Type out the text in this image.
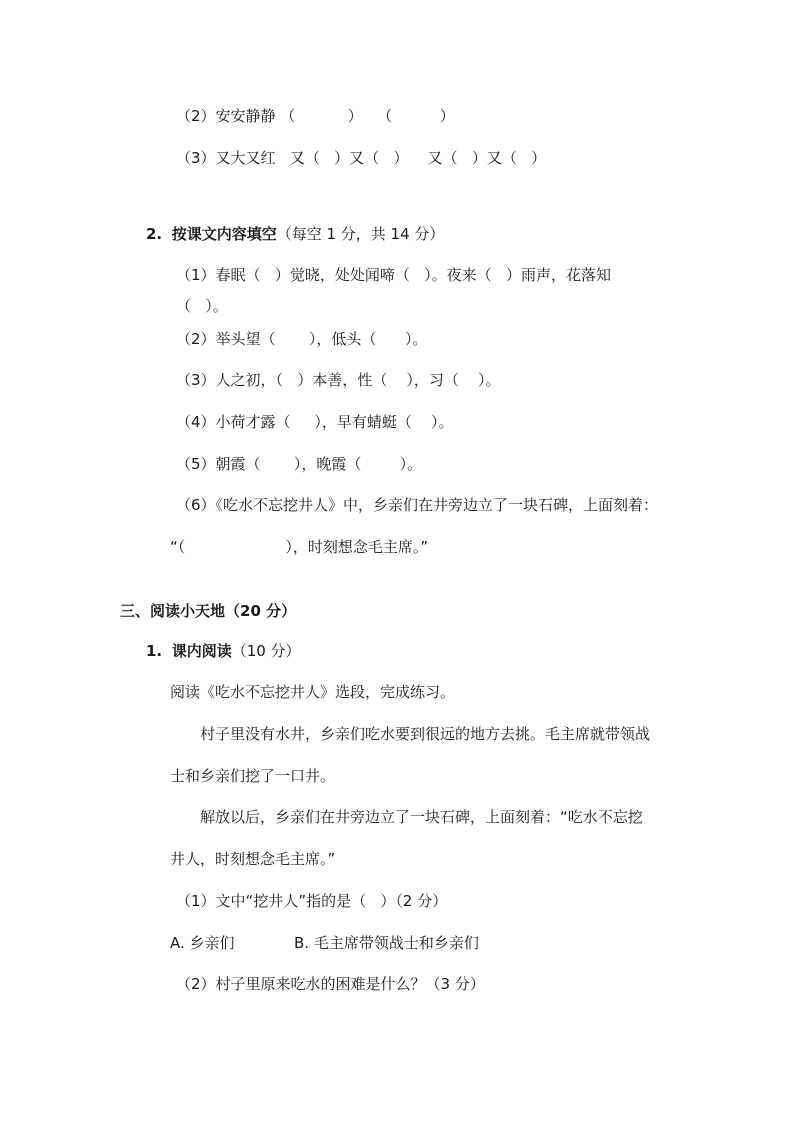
（2）安安静静 （           ）   （          ）
（3）又大又红   又（   ）又（   ）    又（   ）又（   ）
2. 按课文内容填空（每空 1 分，共 14 分）
（1）春眠（   ）觉晓，处处闻啼（   ）。夜来（   ）雨声，花落知
（   ）。
（2）举头望（       ），低头（      ）。
（3）人之初，（   ）本善，性（    ），习（    ）。
（4）小荷才露（     ），早有蜻蜓（    ）。
（5）朝霞（       ），晚霞（        ）。
（6）《吃水不忘挖井人》中，乡亲们在井旁边立了一块石碑，上面刻着：
“（                     ），时刻想念毛主席。”
三、阅读小天地（20 分）
1. 课内阅读（10 分）
阅读《吃水不忘挖井人》选段，完成练习。
村子里没有水井，乡亲们吃水要到很远的地方去挑。毛主席就带领战
士和乡亲们挖了一口井。
解放以后，乡亲们在井旁边立了一块石碑，上面刻着：“吃水不忘挖
井人，时刻想念毛主席。”
（1）文中“挖井人”指的是（   ）（2 分）
A. 乡亲们	B. 毛主席带领战士和乡亲们
（2）村子里原来吃水的困难是什么？（3 分）
